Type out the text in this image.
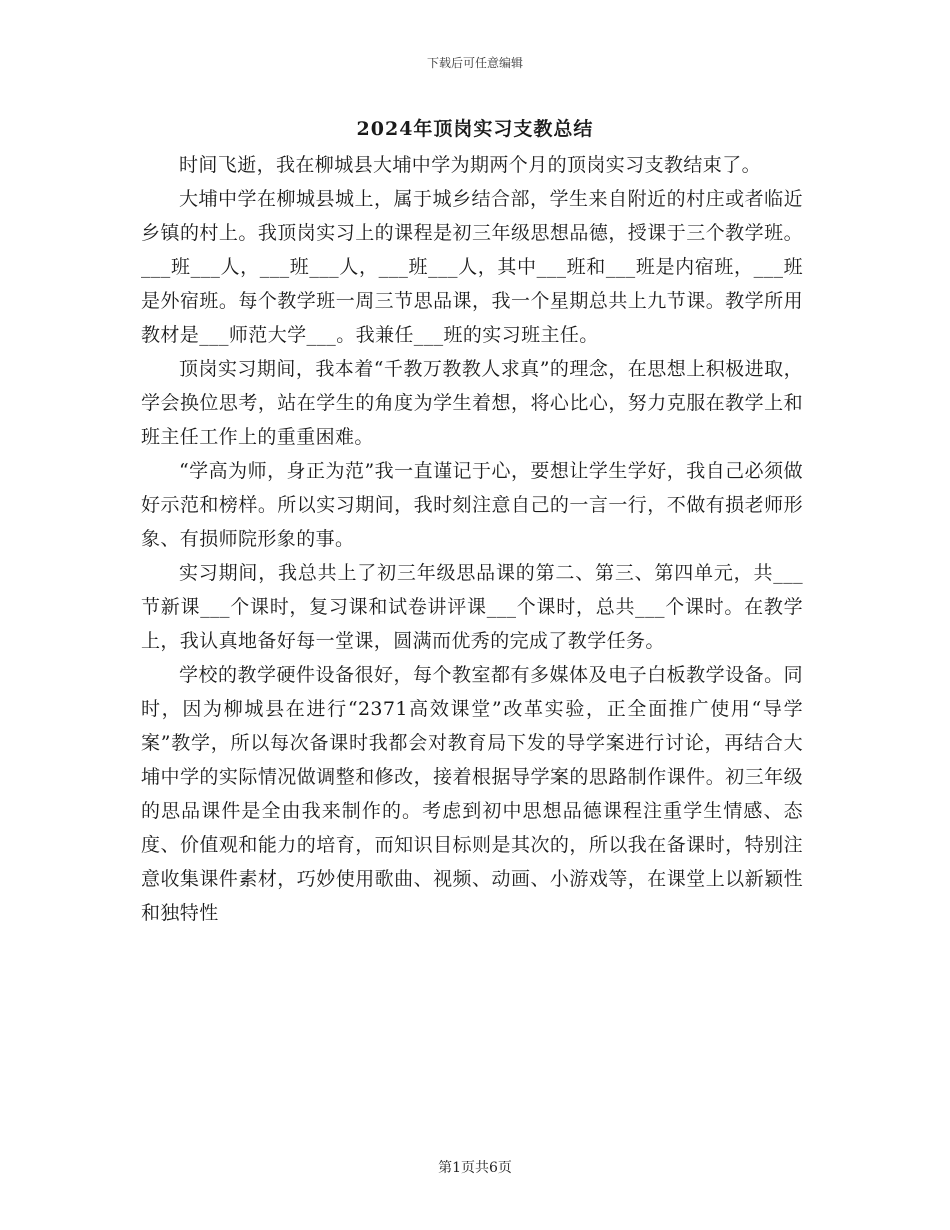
下载后可任意编辑
2024年顶岗实习支教总结

时间飞逝，我在柳城县大埔中学为期两个月的顶岗实习支教结束了。

大埔中学在柳城县城上，属于城乡结合部，学生来自附近的村庄或者临近乡镇的村上。我顶岗实习上的课程是初三年级思想品德，授课于三个教学班。___班___人，___班___人，___班___人，其中___班和___班是内宿班，___班是外宿班。每个教学班一周三节思品课，我一个星期总共上九节课。教学所用教材是___师范大学___。我兼任___班的实习班主任。

顶岗实习期间，我本着“千教万教教人求真”的理念，在思想上积极进取，学会换位思考，站在学生的角度为学生着想，将心比心，努力克服在教学上和班主任工作上的重重困难。

“学高为师，身正为范”我一直谨记于心，要想让学生学好，我自己必须做好示范和榜样。所以实习期间，我时刻注意自己的一言一行，不做有损老师形象、有损师院形象的事。

实习期间，我总共上了初三年级思品课的第二、第三、第四单元，共___节新课___个课时，复习课和试卷讲评课___个课时，总共___个课时。在教学上，我认真地备好每一堂课，圆满而优秀的完成了教学任务。

学校的教学硬件设备很好，每个教室都有多媒体及电子白板教学设备。同时，因为柳城县在进行“2371高效课堂”改革实验，正全面推广使用“导学案”教学，所以每次备课时我都会对教育局下发的导学案进行讨论，再结合大埔中学的实际情况做调整和修改，接着根据导学案的思路制作课件。初三年级的思品课件是全由我来制作的。考虑到初中思想品德课程注重学生情感、态度、价值观和能力的培育，而知识目标则是其次的，所以我在备课时，特别注意收集课件素材，巧妙使用歌曲、视频、动画、小游戏等，在课堂上以新颖性和独特性

第1页共6页
